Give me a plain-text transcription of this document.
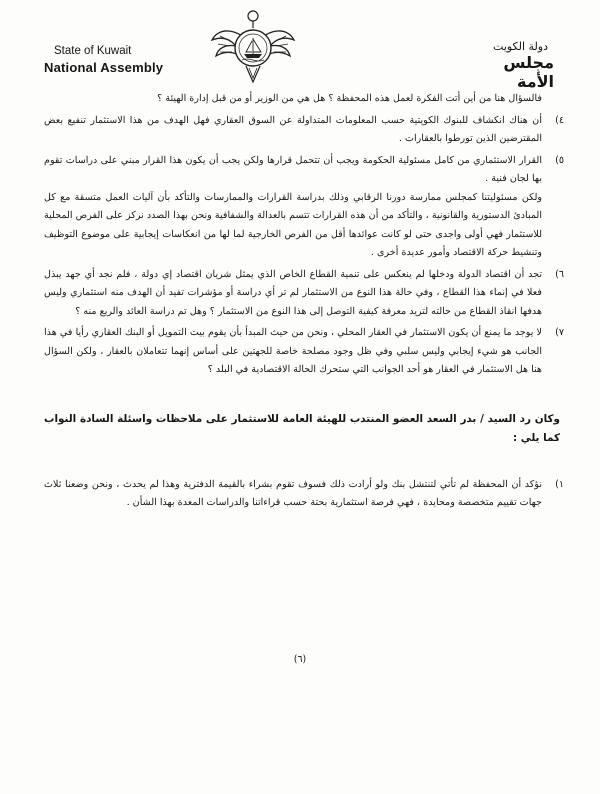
State of Kuwait
National Assembly
دولة الكويت
مجلس الأمة

فالسؤال هنا من أين أتت الفكرة لعمل هذه المحفظة ؟ هل هي من الوزير أو من قبل إدارة الهيئة ؟

٤)
أن هناك انكشاف للبنوك الكويتية حسب المعلومات المتداولة عن السوق العقاري فهل الهدف من هذا الاستثمار تنفيع بعض المقترضين الذين تورطوا بالعقارات .

٥)
القرار الاستثماري من كامل مسئولية الحكومة ويجب أن تتحمل قرارها ولكن يجب أن يكون هذا القرار مبني على دراسات تقوم بها لجان فنية .

ولكن مسئوليتنا كمجلس ممارسة دورنا الرقابي وذلك بدراسة القرارات والممارسات والتأكد بأن آليات العمل متسقة مع كل المبادئ الدستورية والقانونية ، والتأكد من أن هذه القرارات تتسم بالعدالة والشفافية ونحن بهذا الصدد نركز على الفرص المحلية للاستثمار فهي أولى واجدى حتى لو كانت عوائدها أقل من الفرص الخارجية لما لها من انعكاسات إيجابية على موضوع التوظيف وتنشيط حركة الاقتصاد وأمور عديدة أخرى .

٦)
تجد أن اقتصاد الدولة ودخلها لم ينعكس على تنمية القطاع الخاص الذي يمثل شريان اقتصاد إي دولة ، فلم نجد أي جهد يبذل فعلا في إنماء هذا القطاع ، وفي حالة هذا النوع من الاستثمار لم تر أي دراسة أو مؤشرات تفيد أن الهدف منه استثماري وليس هدفها انقاذ القطاع من حالته لتريد معرفة كيفية التوصل إلى هذا النوع من الاستثمار ؟ وهل تم دراسة العائد والريع منه ؟

٧)
لا يوجد ما يمنع أن يكون الاستثمار في العقار المحلي ، ونحن من حيث المبدأ بأن يقوم بيت التمويل أو البنك العقاري رأيا في هذا الجانب هو شيء إيجابي وليس سلبي وفي ظل وجود مصلحة خاصة للجهتين على أساس إنهما تتعاملان بالعقار ، ولكن السؤال هنا هل الاستثمار في العقار هو أحد الجوانب التي ستحرك الحالة الاقتصادية في البلد ؟

وكان رد السيد / بدر السعد العضو المنتدب للهيئة العامة للاستثمار على ملاحظات واسئلة السادة النواب كما يلي :

١)
نؤكد أن المحفظة لم تأتي لتنتشل بنك ولو أرادت ذلك فسوف تقوم بشراء بالقيمة الدفترية وهذا لم يحدث ، ونحن وضعنا ثلاث جهات تقييم متخصصة ومحايدة ، فهي فرصة استثمارية بحتة حسب قراءاتنا والدراسات المعدة بهذا الشأن .

(٦)
